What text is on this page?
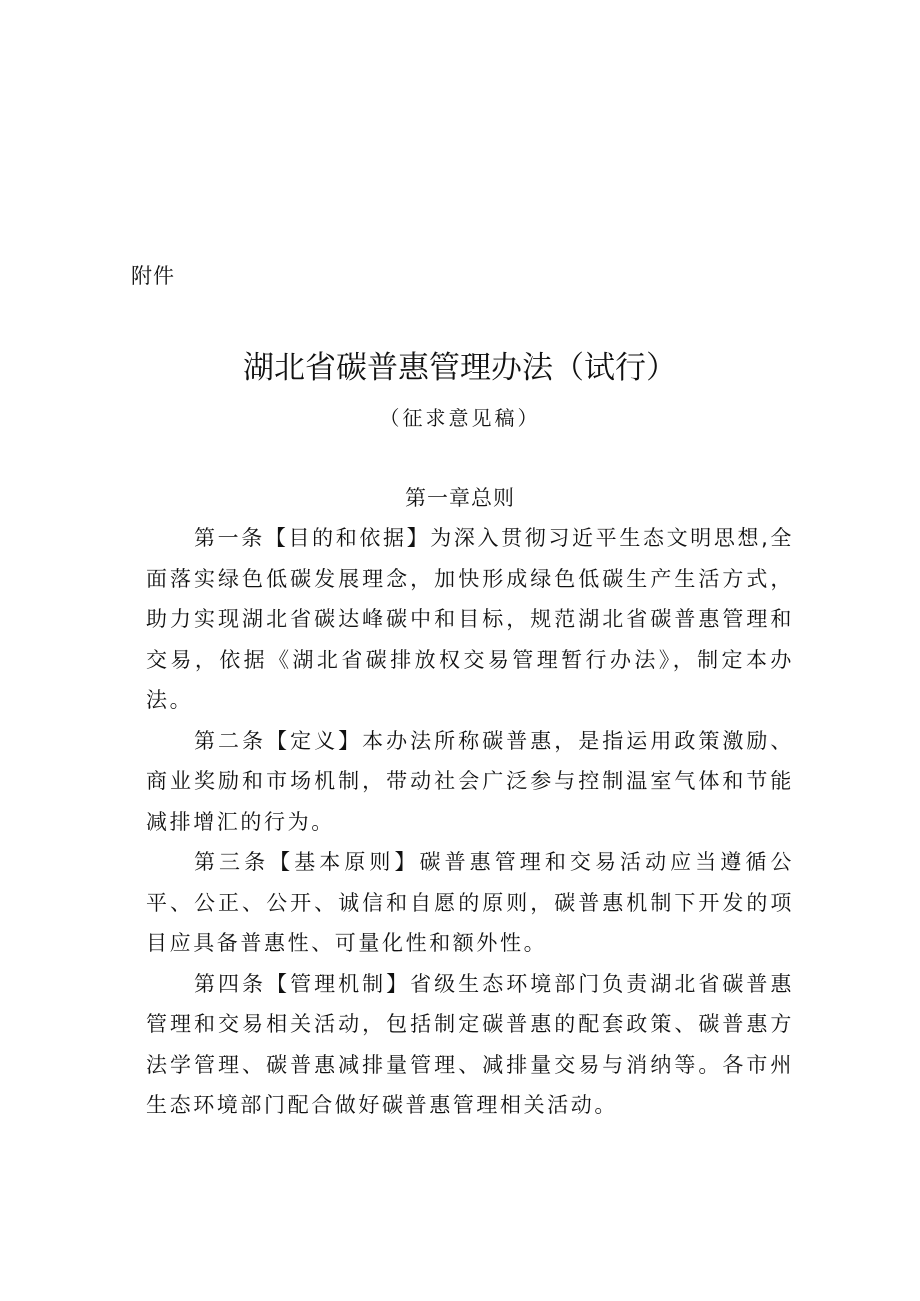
附件
湖北省碳普惠管理办法（试行）
（征求意见稿）
第一章总则

第一条【目的和依据】为深入贯彻习近平生态文明思想,全面落实绿色低碳发展理念，加快形成绿色低碳生产生活方式，助力实现湖北省碳达峰碳中和目标，规范湖北省碳普惠管理和交易，依据《湖北省碳排放权交易管理暂行办法》，制定本办法。

第二条【定义】本办法所称碳普惠，是指运用政策激励、商业奖励和市场机制，带动社会广泛参与控制温室气体和节能减排增汇的行为。

第三条【基本原则】碳普惠管理和交易活动应当遵循公平、公正、公开、诚信和自愿的原则，碳普惠机制下开发的项目应具备普惠性、可量化性和额外性。

第四条【管理机制】省级生态环境部门负责湖北省碳普惠管理和交易相关活动，包括制定碳普惠的配套政策、碳普惠方法学管理、碳普惠减排量管理、减排量交易与消纳等。各市州生态环境部门配合做好碳普惠管理相关活动。
